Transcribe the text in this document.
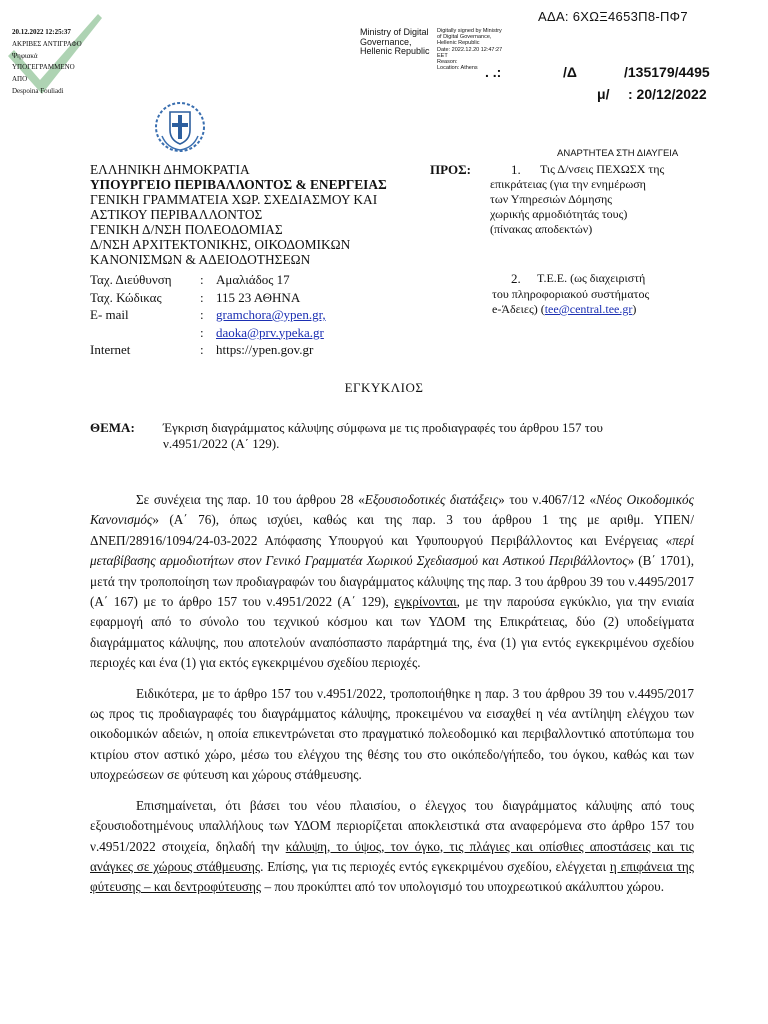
ΑΔΑ: 6ΧΩΞ4653Π8-ΠΦ7
20.12.2022 12:25:37
ΑΚΡΙΒΕΣ ΑΝΤΙΓΡΑΦΟ
Ψηφιακά
ΥΠΟΓΕΓΡΑΜΜΕΝΟ
ΑΠΟ
Despoina Fouliadi
Ministry of Digital
Governance,
Hellenic Republic
Digitally signed by Ministry
of Digital Governance,
Hellenic Republic
Date: 2022.12.20 12:47:27
EET
Reason:
Location: Athens . .:	/Δ	/135179/4495
μ/ : 20/12/2022
ΑΝΑΡΤΗΤΕΑ ΣΤΗ ΔΙΑΥΓΕΙΑ
ΕΛΛΗΝΙΚΗ ΔΗΜΟΚΡΑΤΙΑ
ΥΠΟΥΡΓΕΙΟ ΠΕΡΙΒΑΛΛΟΝΤΟΣ & ΕΝΕΡΓΕΙΑΣ
ΓΕΝΙΚΗ ΓΡΑΜΜΑΤΕΙΑ ΧΩΡ. ΣΧΕΔΙΑΣΜΟΥ ΚΑΙ
ΑΣΤΙΚΟΥ ΠΕΡΙΒΑΛΛΟΝΤΟΣ
ΓΕΝΙΚΗ Δ/ΝΣΗ ΠΟΛΕΟΔΟΜΙΑΣ
Δ/ΝΣΗ ΑΡΧΙΤΕΚΤΟΝΙΚΗΣ, ΟΙΚΟΔΟΜΙΚΩΝ
ΚΑΝΟΝΙΣΜΩΝ & ΑΔΕΙΟΔΟΤΗΣΕΩΝ
ΠΡΟΣ:	1.	Τις Δ/νσεις ΠΕΧΩΣΧ της
επικράτειας (για την ενημέρωση
των Υπηρεσιών Δόμησης
χωρικής αρμοδιότητάς τους)
(πίνακας αποδεκτών)
2.	Τ.Ε.Ε. (ως διαχειριστή
του πληροφοριακού συστήματος
e-Άδειες) (tee@central.tee.gr)
Ταχ. Διεύθυνση	: Αμαλιάδος 17
Ταχ. Κώδικας	: 115 23 ΑΘΗΝΑ
E- mail	: gramchora@ypen.gr,
: daoka@prv.ypeka.gr
Internet	: https://ypen.gov.gr
ΕΓΚΥΚΛΙΟΣ
ΘΕΜΑ: Έγκριση διαγράμματος κάλυψης σύμφωνα με τις προδιαγραφές του άρθρου 157 του
ν.4951/2022 (Α΄ 129).

Σε συνέχεια της παρ. 10 του άρθρου 28 «Εξουσιοδοτικές διατάξεις» του ν.4067/12 «Νέος Οικοδομικός Κανονισμός» (Α΄ 76), όπως ισχύει, καθώς και της παρ. 3 του άρθρου 1 της με αριθμ. ΥΠΕΝ/ΔΝΕΠ/28916/1094/24-03-2022 Απόφασης Υπουργού και Υφυπουργού Περιβάλλοντος και Ενέργειας «περί μεταβίβασης αρμοδιοτήτων στον Γενικό Γραμματέα Χωρικού Σχεδιασμού και Αστικού Περιβάλλοντος» (Β΄ 1701), μετά την τροποποίηση των προδιαγραφών του διαγράμματος κάλυψης της παρ. 3 του άρθρου 39 του ν.4495/2017 (Α΄ 167) με το άρθρο 157 του ν.4951/2022 (Α΄ 129), εγκρίνονται, με την παρούσα εγκύκλιο, για την ενιαία εφαρμογή από το σύνολο του τεχνικού κόσμου και των ΥΔΟΜ της Επικράτειας, δύο (2) υποδείγματα διαγράμματος κάλυψης, που αποτελούν αναπόσπαστο παράρτημά της, ένα (1) για εντός εγκεκριμένου σχεδίου περιοχές και ένα (1) για εκτός εγκεκριμένου σχεδίου περιοχές.

Ειδικότερα, με το άρθρο 157 του ν.4951/2022, τροποποιήθηκε η παρ. 3 του άρθρου 39 του ν.4495/2017 ως προς τις προδιαγραφές του διαγράμματος κάλυψης, προκειμένου να εισαχθεί η νέα αντίληψη ελέγχου των οικοδομικών αδειών, η οποία επικεντρώνεται στο πραγματικό πολεοδομικό και περιβαλλοντικό αποτύπωμα του κτιρίου στον αστικό χώρο, μέσω του ελέγχου της θέσης του στο οικόπεδο/γήπεδο, του όγκου, καθώς και των υποχρεώσεων σε φύτευση και χώρους στάθμευσης.

Επισημαίνεται, ότι βάσει του νέου πλαισίου, ο έλεγχος του διαγράμματος κάλυψης από τους εξουσιοδοτημένους υπαλλήλους των ΥΔΟΜ περιορίζεται αποκλειστικά στα αναφερόμενα στο άρθρο 157 του ν.4951/2022 στοιχεία, δηλαδή την κάλυψη, το ύψος, τον όγκο, τις πλάγιες και οπίσθιες αποστάσεις και τις ανάγκες σε χώρους στάθμευσης. Επίσης, για τις περιοχές εντός εγκεκριμένου σχεδίου, ελέγχεται η επιφάνεια της φύτευσης – και δεντροφύτευσης – που προκύπτει από τον υπολογισμό του υποχρεωτικού ακάλυπτου χώρου.
